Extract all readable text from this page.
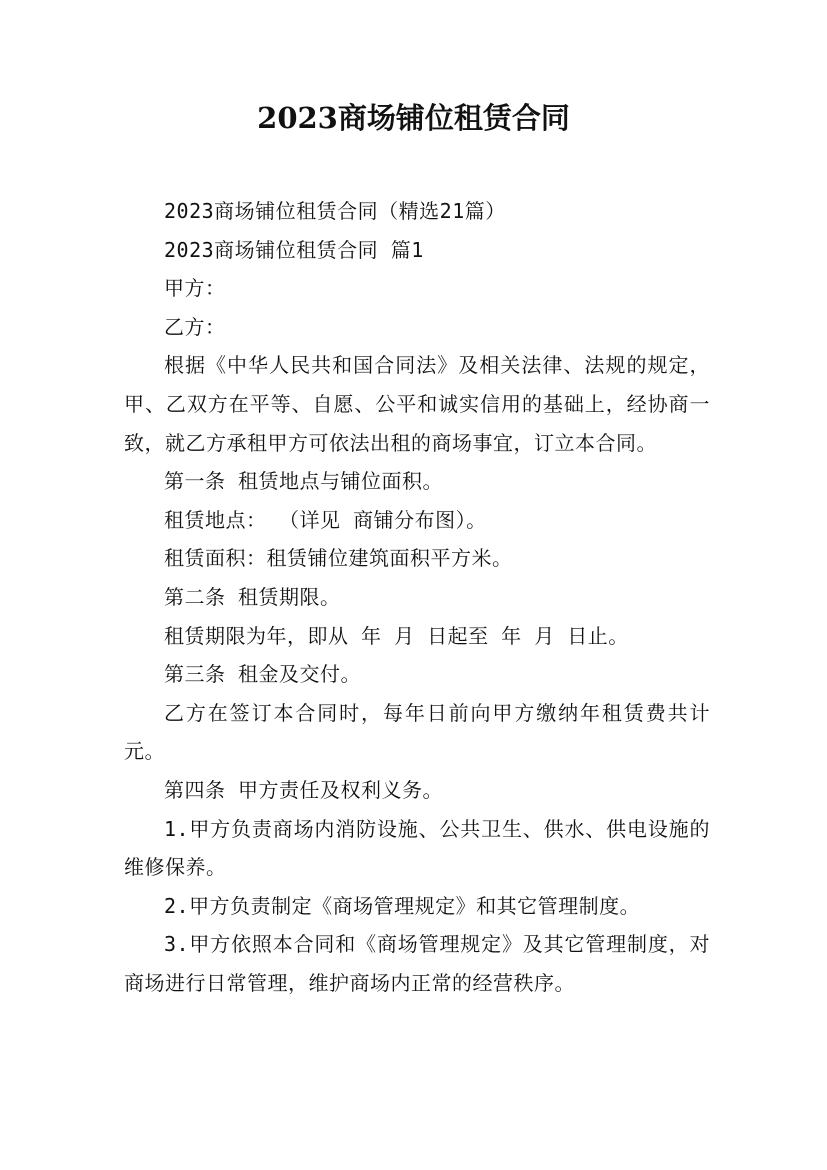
2023商场铺位租赁合同

2023商场铺位租赁合同（精选21篇）

2023商场铺位租赁合同 篇1

甲方：

乙方：

根据《中华人民共和国合同法》及相关法律、法规的规定，甲、乙双方在平等、自愿、公平和诚实信用的基础上，经协商一致，就乙方承租甲方可依法出租的商场事宜，订立本合同。

第一条 租赁地点与铺位面积。

租赁地点： （详见 商铺分布图）。

租赁面积：租赁铺位建筑面积平方米。

第二条 租赁期限。

租赁期限为年，即从 年 月 日起至 年 月 日止。

第三条 租金及交付。

乙方在签订本合同时，每年日前向甲方缴纳年租赁费共计 元。

第四条 甲方责任及权利义务。

1.甲方负责商场内消防设施、公共卫生、供水、供电设施的维修保养。

2.甲方负责制定《商场管理规定》和其它管理制度。

3.甲方依照本合同和《商场管理规定》及其它管理制度，对商场进行日常管理，维护商场内正常的经营秩序。
